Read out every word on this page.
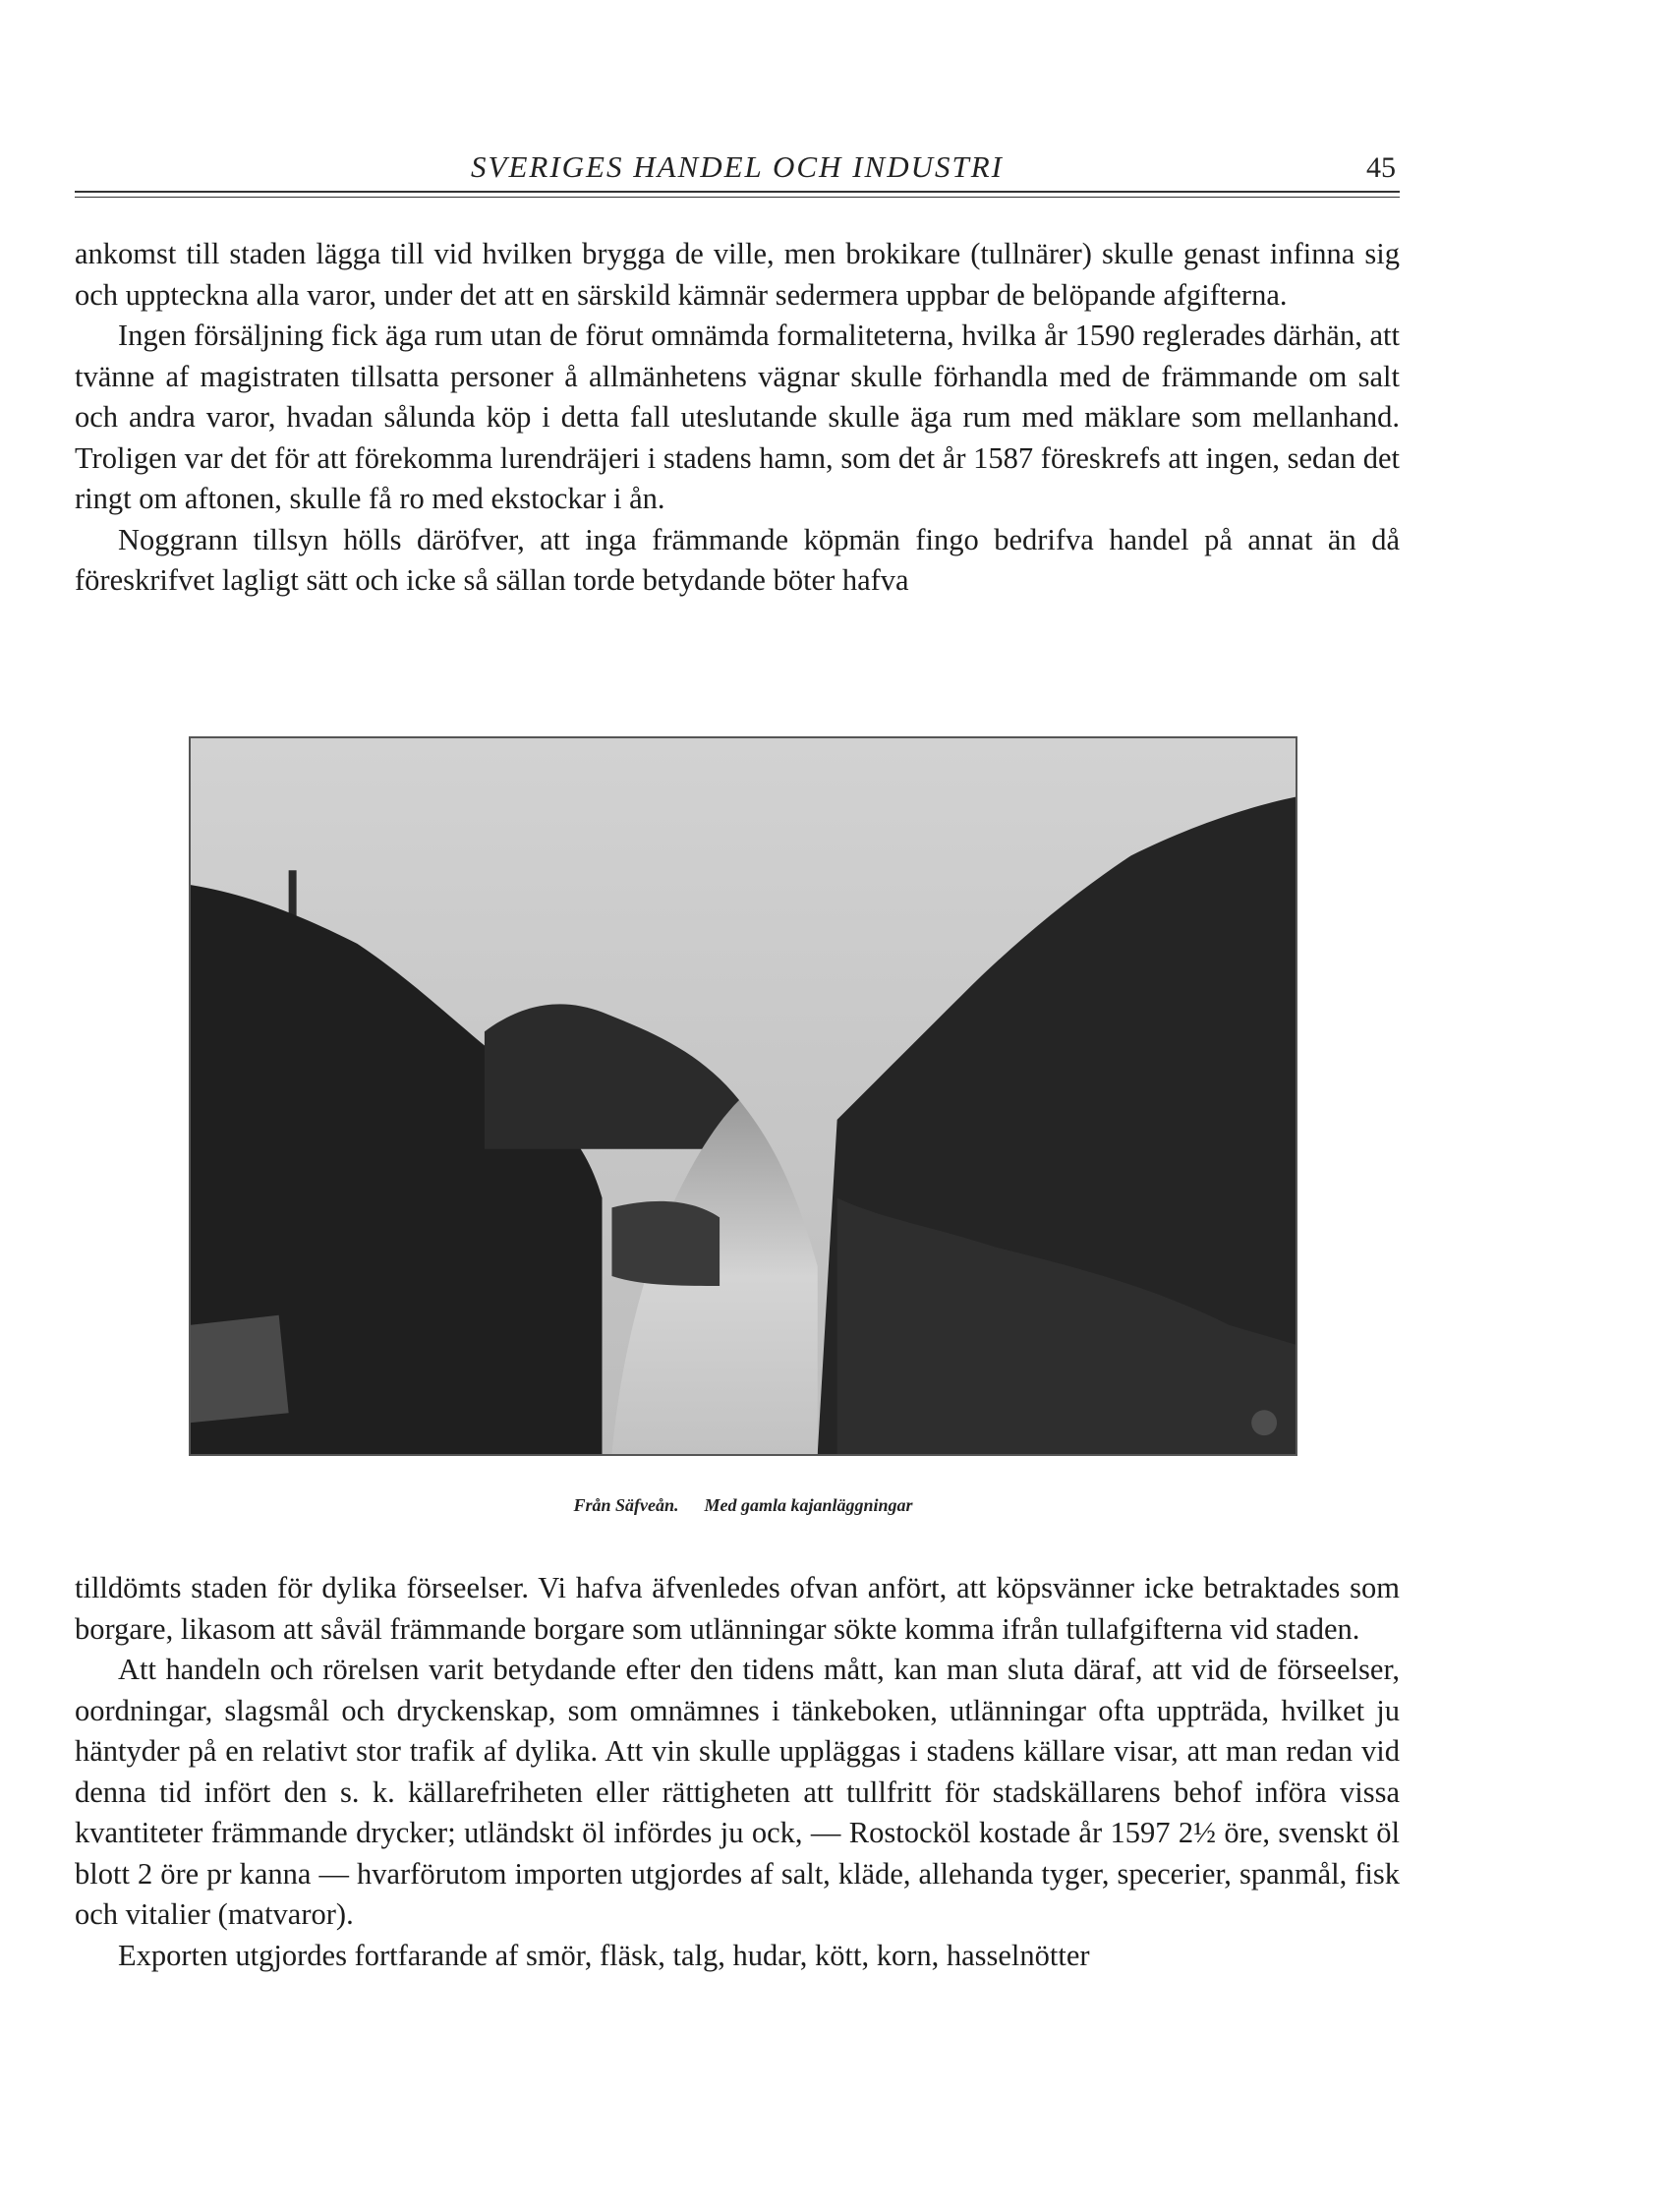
SVERIGES HANDEL OCH INDUSTRI	45

ankomst till staden lägga till vid hvilken brygga de ville, men brokikare (tullnärer) skulle genast infinna sig och uppteckna alla varor, under det att en särskild kämnär sedermera uppbar de belöpande afgifterna.

Ingen försäljning fick äga rum utan de förut omnämda formaliteterna, hvilka år 1590 reglerades därhän, att tvänne af magistraten tillsatta personer å allmänhetens vägnar skulle förhandla med de främmande om salt och andra varor, hvadan sålunda köp i detta fall uteslutande skulle äga rum med mäklare som mellanhand. Troligen var det för att förekomma lurendräjeri i stadens hamn, som det år 1587 föreskrefs att ingen, sedan det ringt om aftonen, skulle få ro med ekstockar i ån.

Noggrann tillsyn hölls däröfver, att inga främmande köpmän fingo bedrifva handel på annat än då föreskrifvet lagligt sätt och icke så sällan torde betydande böter hafva

Från Säfveån. Med gamla kajanläggningar

tilldömts staden för dylika förseelser. Vi hafva äfvenledes ofvan anfört, att köpsvänner icke betraktades som borgare, likasom att såväl främmande borgare som utlänningar sökte komma ifrån tullafgifterna vid staden.

Att handeln och rörelsen varit betydande efter den tidens mått, kan man sluta däraf, att vid de förseelser, oordningar, slagsmål och dryckenskap, som omnämnes i tänkeboken, utlänningar ofta uppträda, hvilket ju häntyder på en relativt stor trafik af dylika. Att vin skulle uppläggas i stadens källare visar, att man redan vid denna tid infört den s. k. källarefriheten eller rättigheten att tullfritt för stadskällarens behof införa vissa kvantiteter främmande drycker; utländskt öl infördes ju ock, — Rostocköl kostade år 1597 2½ öre, svenskt öl blott 2 öre pr kanna — hvarförutom importen utgjordes af salt, kläde, allehanda tyger, specerier, spanmål, fisk och vitalier (matvaror).

Exporten utgjordes fortfarande af smör, fläsk, talg, hudar, kött, korn, hasselnötter
